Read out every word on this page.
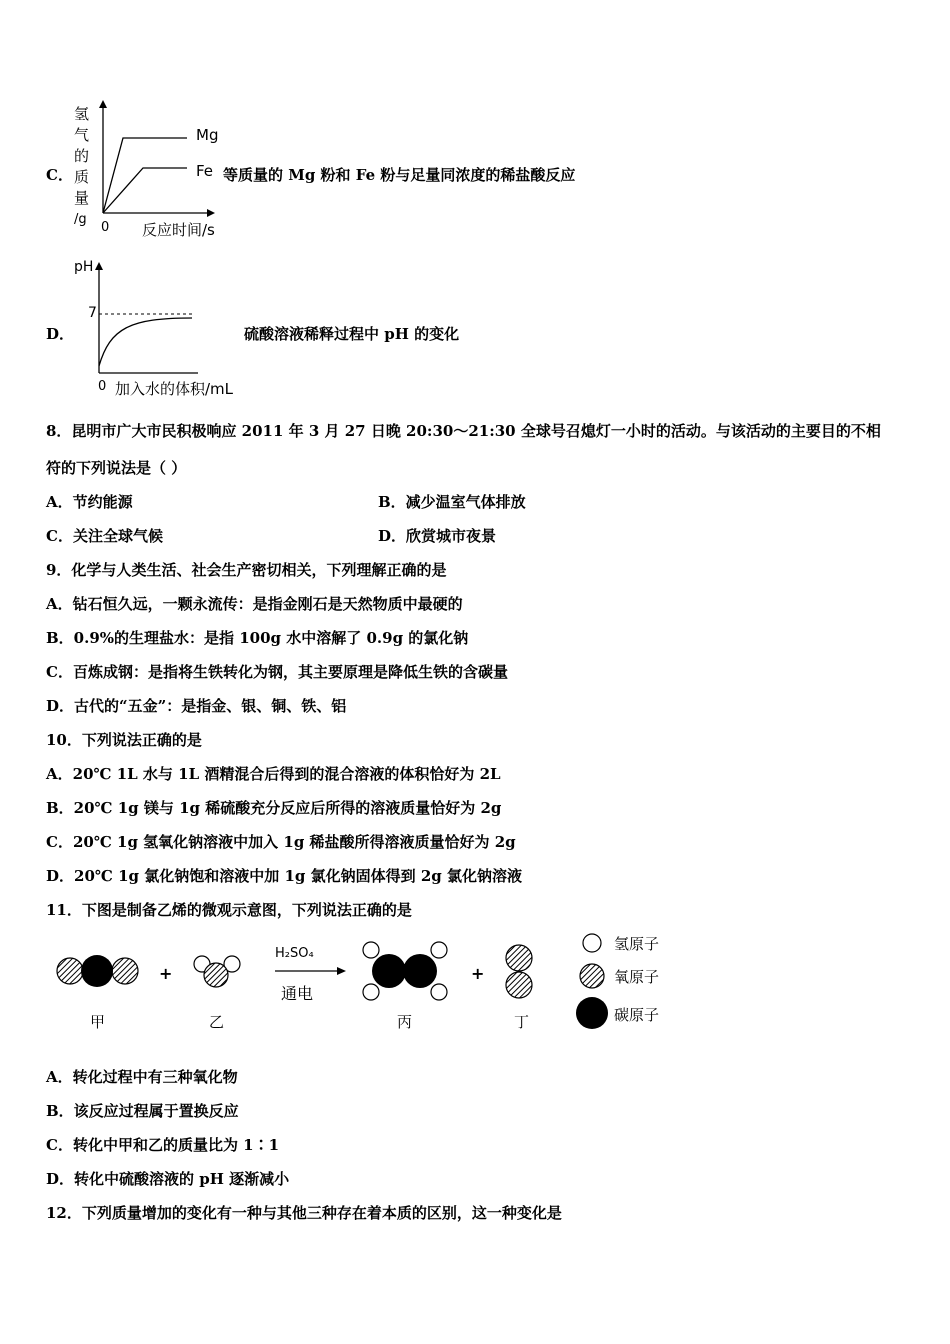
C．
氢
气
的
质
量
/g
Mg
Fe
0 反应时间/s
等质量的 Mg 粉和 Fe 粉与足量同浓度的稀盐酸反应
pH
7
0 加入水的体积/mL
D．	硫酸溶液稀释过程中 pH 的变化
8．昆明市广大市民积极响应 2011 年 3 月 27 日晚 20:30～21:30 全球号召熄灯一小时的活动。与该活动的主要目的不相
符的下列说法是（ ）
A．节约能源	B．减少温室气体排放
C．关注全球气候	D．欣赏城市夜景
9．化学与人类生活、社会生产密切相关，下列理解正确的是
A．钻石恒久远，一颗永流传：是指金刚石是天然物质中最硬的
B．0.9%的生理盐水：是指 100g 水中溶解了 0.9g 的氯化钠
C．百炼成钢：是指将生铁转化为钢，其主要原理是降低生铁的含碳量
D．古代的“五金”：是指金、银、铜、铁、铝
10．下列说法正确的是
A．20℃ 1L 水与 1L 酒精混合后得到的混合溶液的体积恰好为 2L
B．20℃ 1g 镁与 1g 稀硫酸充分反应后所得的溶液质量恰好为 2g
C．20℃ 1g 氢氧化钠溶液中加入 1g 稀盐酸所得溶液质量恰好为 2g
D．20℃ 1g 氯化钠饱和溶液中加 1g 氯化钠固体得到 2g 氯化钠溶液
11．下图是制备乙烯的微观示意图，下列说法正确的是
+	+
H₂SO₄
通电
甲	乙	丙	丁
氢原子
氧原子
碳原子
A．转化过程中有三种氧化物
B．该反应过程属于置换反应
C．转化中甲和乙的质量比为 1∶1
D．转化中硫酸溶液的 pH 逐渐减小
12．下列质量增加的变化有一种与其他三种存在着本质的区别，这一种变化是
